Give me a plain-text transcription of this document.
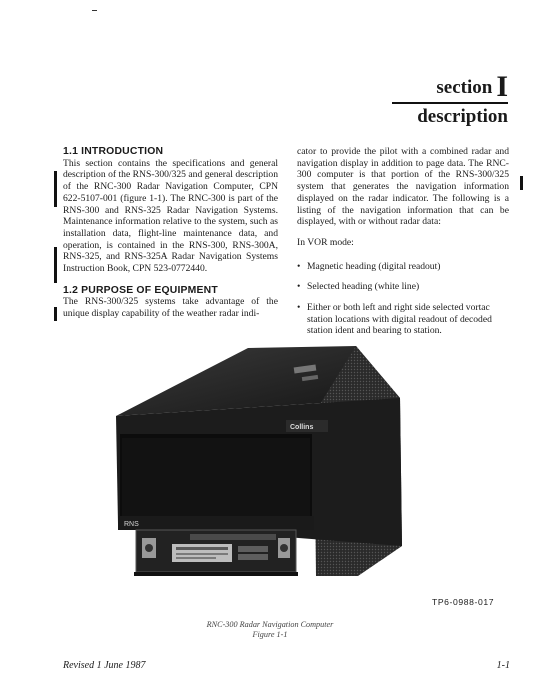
section I
description

1.1 INTRODUCTION

This section contains the specifications and general description of the RNS-300/325 and general description of the RNC-300 Radar Navigation Computer, CPN 622-5107-001 (figure 1-1). The RNC-300 is part of the RNS-300 and RNS-325 Radar Navigation Systems. Maintenance information relative to the system, such as installation data, flight-line maintenance data, and operation, is contained in the RNS-300, RNS-300A, RNS-325, and RNS-325A Radar Navigation Systems Instruction Book, CPN 523-0772440.

1.2 PURPOSE OF EQUIPMENT

The RNS-300/325 systems take advantage of the unique display capability of the weather radar indi-

cator to provide the pilot with a combined radar and navigation display in addition to page data. The RNC-300 computer is that portion of the RNS-300/325 system that generates the navigation information displayed on the radar indicator. The following is a listing of the navigation information that can be displayed, with or without radar data:

In VOR mode:

• Magnetic heading (digital readout)
• Selected heading (white line)
• Either or both left and right side selected vortac station locations with digital readout of decoded station ident and bearing to station.
Collins
RNS
TP6-0988-017
RNC-300 Radar Navigation Computer
Figure 1-1
Revised 1 June 1987	1-1
